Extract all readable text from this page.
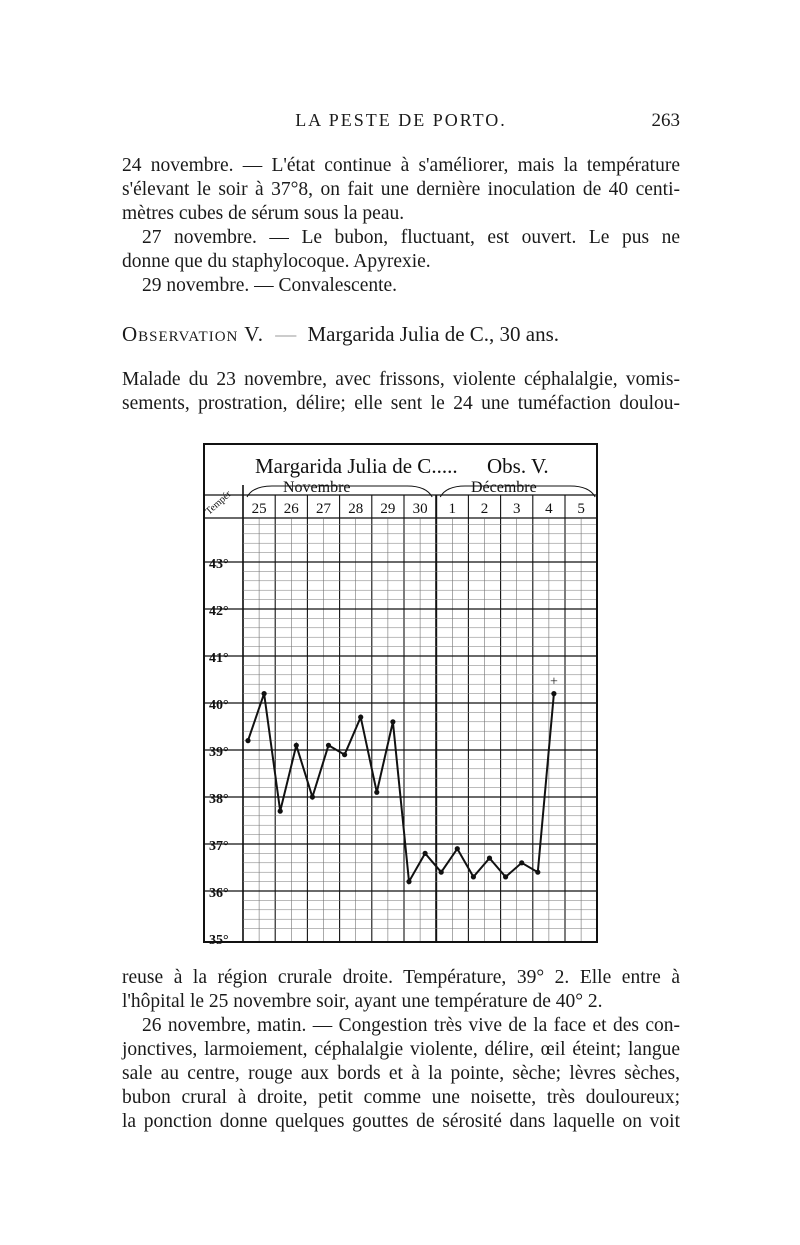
LA PESTE DE PORTO.	263
24 novembre. — L'état continue à s'améliorer, mais la température
s'élevant le soir à 37°8, on fait une dernière inoculation de 40 centi-
mètres cubes de sérum sous la peau.
27 novembre. — Le bubon, fluctuant, est ouvert. Le pus ne
donne que du staphylocoque. Apyrexie.
29 novembre. — Convalescente.
Observation V. — Margarida Julia de C., 30 ans.
Malade du 23 novembre, avec frissons, violente céphalalgie, vomis-
sements, prostration, délire; elle sent le 24 une tuméfaction doulou-
Margarida Julia de C..... Obs. V.
Novembre	Décembre
Tempér 25 26 27 28 29 30 1 2 3 4 5
43°
42°
41°
40°
39°
38°
37°
36°
35°
+
reuse à la région crurale droite. Température, 39° 2. Elle entre à
l'hôpital le 25 novembre soir, ayant une température de 40° 2.
26 novembre, matin. — Congestion très vive de la face et des con-
jonctives, larmoiement, céphalalgie violente, délire, œil éteint; langue
sale au centre, rouge aux bords et à la pointe, sèche; lèvres sèches,
bubon crural à droite, petit comme une noisette, très douloureux;
la ponction donne quelques gouttes de sérosité dans laquelle on voit
